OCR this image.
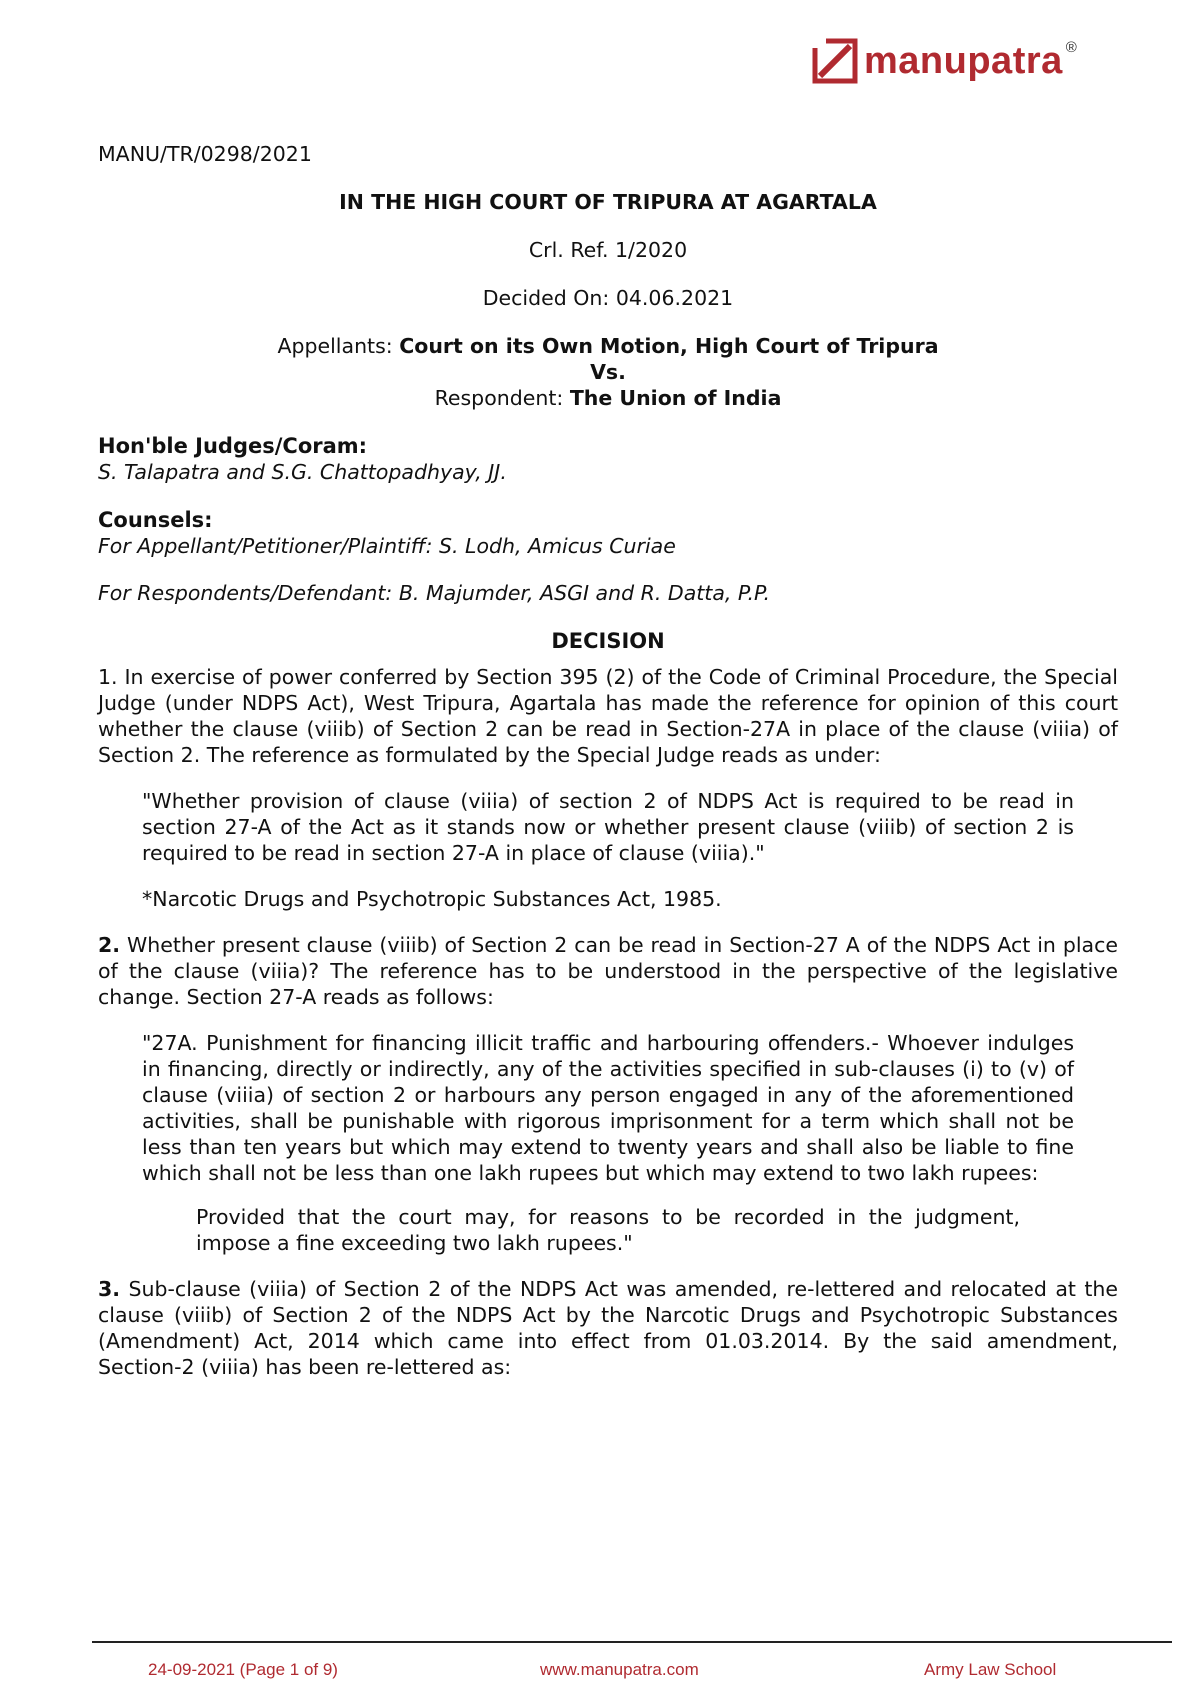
manupatra ®

MANU/TR/0298/2021

IN THE HIGH COURT OF TRIPURA AT AGARTALA

Crl. Ref. 1/2020

Decided On: 04.06.2021

Appellants: Court on its Own Motion, High Court of Tripura

Vs.

Respondent: The Union of India

Hon'ble Judges/Coram:

S. Talapatra and S.G. Chattopadhyay, JJ.

Counsels:

For Appellant/Petitioner/Plaintiff: S. Lodh, Amicus Curiae

For Respondents/Defendant: B. Majumder, ASGI and R. Datta, P.P.

DECISION

1. In exercise of power conferred by Section 395 (2) of the Code of Criminal Procedure, the Special Judge (under NDPS Act), West Tripura, Agartala has made the reference for opinion of this court whether the clause (viiib) of Section 2 can be read in Section-27A in place of the clause (viiia) of Section 2. The reference as formulated by the Special Judge reads as under:

"Whether provision of clause (viiia) of section 2 of NDPS Act is required to be read in section 27-A of the Act as it stands now or whether present clause (viiib) of section 2 is required to be read in section 27-A in place of clause (viiia)."

*Narcotic Drugs and Psychotropic Substances Act, 1985.

2. Whether present clause (viiib) of Section 2 can be read in Section-27 A of the NDPS Act in place of the clause (viiia)? The reference has to be understood in the perspective of the legislative change. Section 27-A reads as follows:

"27A. Punishment for financing illicit traffic and harbouring offenders.- Whoever indulges in financing, directly or indirectly, any of the activities specified in sub-clauses (i) to (v) of clause (viiia) of section 2 or harbours any person engaged in any of the aforementioned activities, shall be punishable with rigorous imprisonment for a term which shall not be less than ten years but which may extend to twenty years and shall also be liable to fine which shall not be less than one lakh rupees but which may extend to two lakh rupees:

Provided that the court may, for reasons to be recorded in the judgment, impose a fine exceeding two lakh rupees."

3. Sub-clause (viiia) of Section 2 of the NDPS Act was amended, re-lettered and relocated at the clause (viiib) of Section 2 of the NDPS Act by the Narcotic Drugs and Psychotropic Substances (Amendment) Act, 2014 which came into effect from 01.03.2014. By the said amendment, Section-2 (viiia) has been re-lettered as:

24-09-2021 (Page 1 of 9)	www.manupatra.com	Army Law School
